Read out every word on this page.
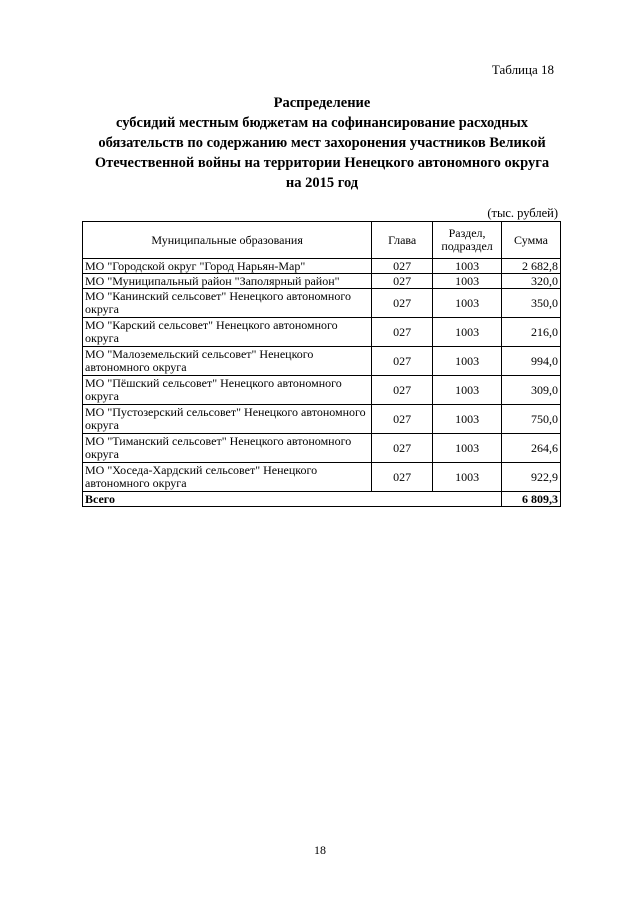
Таблица 18
Распределение
субсидий местным бюджетам на софинансирование расходных
обязательств по содержанию мест захоронения участников Великой
Отечественной войны на территории Ненецкого автономного округа
на 2015 год
(тыс. рублей)
Муниципальные образования	Глава	Раздел, подраздел	Сумма
МО "Городской округ "Город Нарьян-Мар"	027	1003	2 682,8
МО "Муниципальный район "Заполярный район"	027	1003	320,0
МО "Канинский сельсовет" Ненецкого автономного округа	027	1003	350,0
МО "Карский сельсовет" Ненецкого автономного округа	027	1003	216,0
МО "Малоземельский сельсовет" Ненецкого автономного округа	027	1003	994,0
МО "Пёшский сельсовет" Ненецкого автономного округа	027	1003	309,0
МО "Пустозерский сельсовет" Ненецкого автономного округа	027	1003	750,0
МО "Тиманский сельсовет" Ненецкого автономного округа	027	1003	264,6
МО "Хоседа-Хардский сельсовет" Ненецкого автономного округа	027	1003	922,9
Всего			6 809,3
18
